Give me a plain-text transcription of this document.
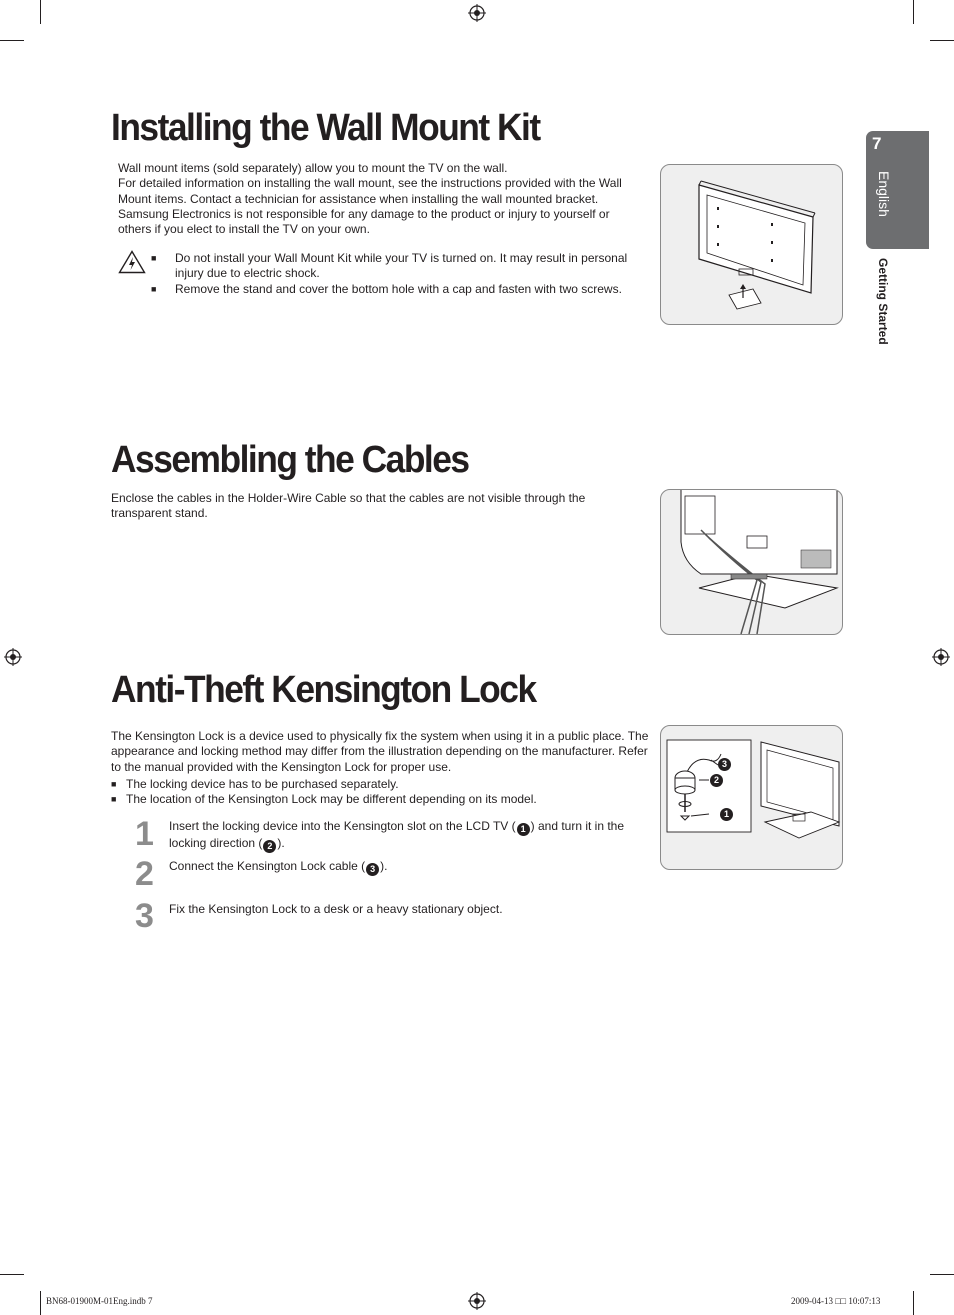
7
English
Getting Started
Installing the Wall Mount Kit

Wall mount items (sold separately) allow you to mount the TV on the wall.

For detailed information on installing the wall mount, see the instructions provided with the Wall Mount items. Contact a technician for assistance when installing the wall mounted bracket. Samsung Electronics is not responsible for any damage to the product or injury to yourself or others if you elect to install the TV on your own.

■ Do not install your Wall Mount Kit while your TV is turned on. It may result in personal injury due to electric shock.
■ Remove the stand and cover the bottom hole with a cap and fasten with two screws.
Assembling the Cables
Enclose the cables in the Holder-Wire Cable so that the cables are not visible through the transparent stand.
Anti-Theft Kensington Lock
The Kensington Lock is a device used to physically fix the system when using it in a public place. The appearance and locking method may differ from the illustration depending on the manufacturer. Refer to the manual provided with the Kensington Lock for proper use.
■ The locking device has to be purchased separately.
■ The location of the Kensington Lock may be different depending on its model.
1 Insert the locking device into the Kensington slot on the LCD TV ( 1 ) and turn it in the locking direction ( 2 ).
2 Connect the Kensington Lock cable ( 3 ).
3 Fix the Kensington Lock to a desk or a heavy stationary object.
3
2
1
BN68-01900M-01Eng.indb 7	2009-04-13 □□ 10:07:13
